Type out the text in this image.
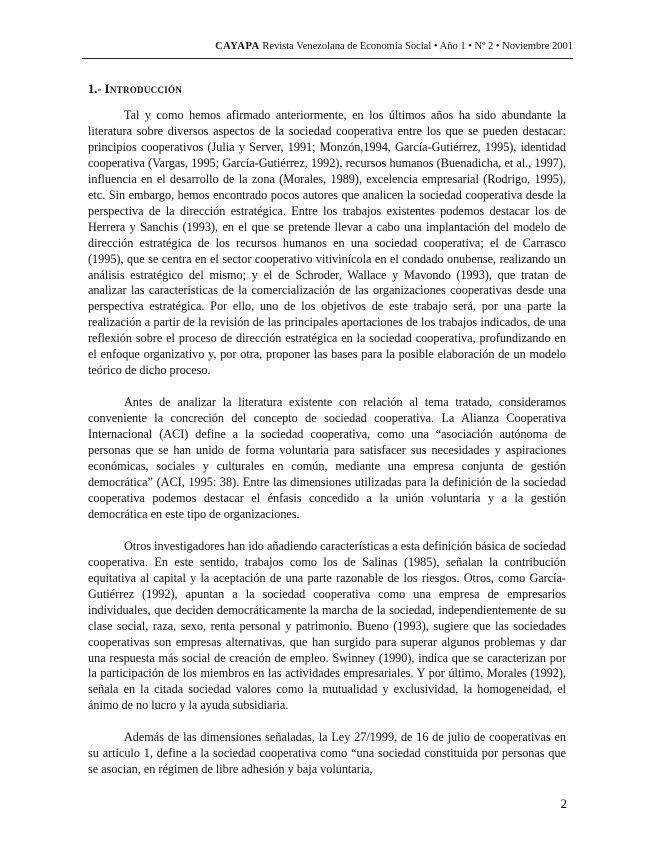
CAYAPA Revista Venezolana de Economía Social • Año 1 • Nº 2 • Noviembre 2001
1.- Introducción

Tal y como hemos afirmado anteriormente, en los últimos años ha sido abundante la literatura sobre diversos aspectos de la sociedad cooperativa entre los que se pueden destacar: principios cooperativos (Julia y Server, 1991; Monzón,1994, García-Gutiérrez, 1995), identidad cooperativa (Vargas, 1995; García-Gutiérrez, 1992), recursos humanos (Buenadicha, et al., 1997), influencia en el desarrollo de la zona (Morales, 1989), excelencia empresarial (Rodrigo, 1995), etc. Sin embargo, hemos encontrado pocos autores que analicen la sociedad cooperativa desde la perspectiva de la dirección estratégica. Entre los trabajos existentes podemos destacar los de Herrera y Sanchis (1993), en el que se pretende llevar a cabo una implantación del modelo de dirección estratégica de los recursos humanos en una sociedad cooperativa; el de Carrasco (1995), que se centra en el sector cooperativo vitivinícola en el condado onubense, realizando un análisis estratégico del mismo; y el de Schroder, Wallace y Mavondo (1993), que tratan de analizar las características de la comercialización de las organizaciones cooperativas desde una perspectiva estratégica. Por ello, uno de los objetivos de este trabajo será, por una parte la realización a partir de la revisión de las principales aportaciones de los trabajos indicados, de una reflexión sobre el proceso de dirección estratégica en la sociedad cooperativa, profundizando en el enfoque organizativo y, por otra, proponer las bases para la posible elaboración de un modelo teórico de dicho proceso.

Antes de analizar la literatura existente con relación al tema tratado, consideramos conveniente la concreción del concepto de sociedad cooperativa. La Alianza Cooperativa Internacional (ACI) define a la sociedad cooperativa, como una “asociación autónoma de personas que se han unido de forma voluntaria para satisfacer sus necesidades y aspiraciones económicas, sociales y culturales en común, mediante una empresa conjunta de gestión democrática” (ACI, 1995: 38). Entre las dimensiones utilizadas para la definición de la sociedad cooperativa podemos destacar el énfasis concedido a la unión voluntaria y a la gestión democrática en este tipo de organizaciones.

Otros investigadores han ido añadiendo características a esta definición básica de sociedad cooperativa. En este sentido, trabajos como los de Salinas (1985), señalan la contribución equitativa al capital y la aceptación de una parte razonable de los riesgos. Otros, como García-Gutiérrez (1992), apuntan a la sociedad cooperativa como una empresa de empresarios individuales, que deciden democráticamente la marcha de la sociedad, independientemente de su clase social, raza, sexo, renta personal y patrimonio. Bueno (1993), sugiere que las sociedades cooperativas son empresas alternativas, que han surgido para superar algunos problemas y dar una respuesta más social de creación de empleo. Swinney (1990), indica que se caracterizan por la participación de los miembros en las actividades empresariales. Y por último, Morales (1992), señala en la citada sociedad valores como la mutualidad y exclusividad, la homogeneidad, el ánimo de no lucro y la ayuda subsidiaria.

Además de las dimensiones señaladas, la Ley 27/1999, de 16 de julio de cooperativas en su artículo 1, define a la sociedad cooperativa como “una sociedad constituida por personas que se asocian, en régimen de libre adhesión y baja voluntaria,

2
